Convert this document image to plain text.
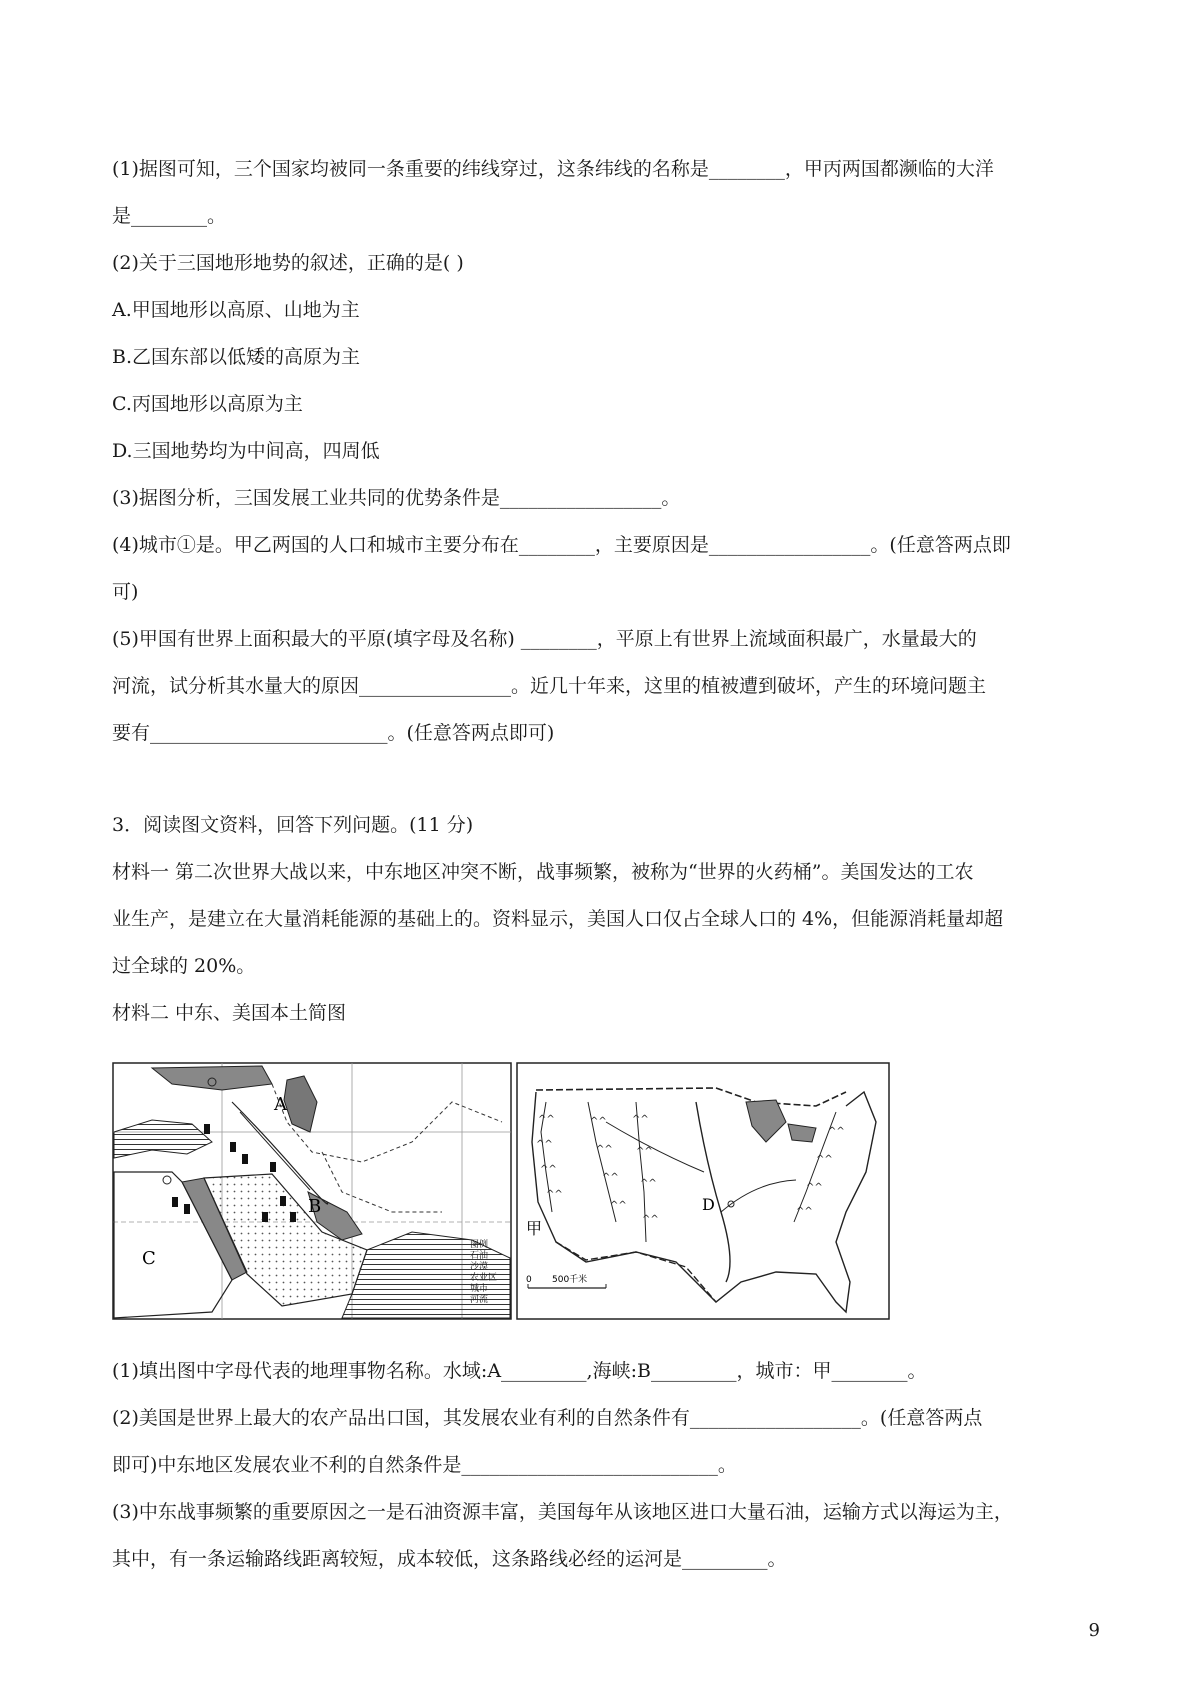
(1)据图可知，三个国家均被同一条重要的纬线穿过，这条纬线的名称是________，甲丙两国都濒临的大洋
是________。
(2)关于三国地形地势的叙述，正确的是( )
A.甲国地形以高原、山地为主
B.乙国东部以低矮的高原为主
C.丙国地形以高原为主
D.三国地势均为中间高，四周低
(3)据图分析，三国发展工业共同的优势条件是_________________。
(4)城市①是。甲乙两国的人口和城市主要分布在________，主要原因是_________________。(任意答两点即
可)
(5)甲国有世界上面积最大的平原(填字母及名称) ________，平原上有世界上流域面积最广，水量最大的
河流，试分析其水量大的原因________________。近几十年来，这里的植被遭到破坏，产生的环境问题主
要有_________________________。(任意答两点即可)
3．阅读图文资料，回答下列问题。(11 分)
材料一 第二次世界大战以来，中东地区冲突不断，战事频繁，被称为“世界的火药桶”。美国发达的工农
业生产，是建立在大量消耗能源的基础上的。资料显示，美国人口仅占全球人口的 4%，但能源消耗量却超
过全球的 20%。
材料二 中东、美国本土简图
A
B
C
图例
石油
沙漠
农业区
城市
河流
^^
^^
^^
^^
^^
^^
^^
^^
^^
^^
^^
^^
^^
^^
^^
^^
甲
D
0 500千米
(1)填出图中字母代表的地理事物名称。水域:A_________,海峡:B_________，城市：甲________。
(2)美国是世界上最大的农产品出口国，其发展农业有利的自然条件有__________________。(任意答两点
即可)中东地区发展农业不利的自然条件是___________________________。
(3)中东战事频繁的重要原因之一是石油资源丰富，美国每年从该地区进口大量石油，运输方式以海运为主，
其中，有一条运输路线距离较短，成本较低，这条路线必经的运河是_________。
9
